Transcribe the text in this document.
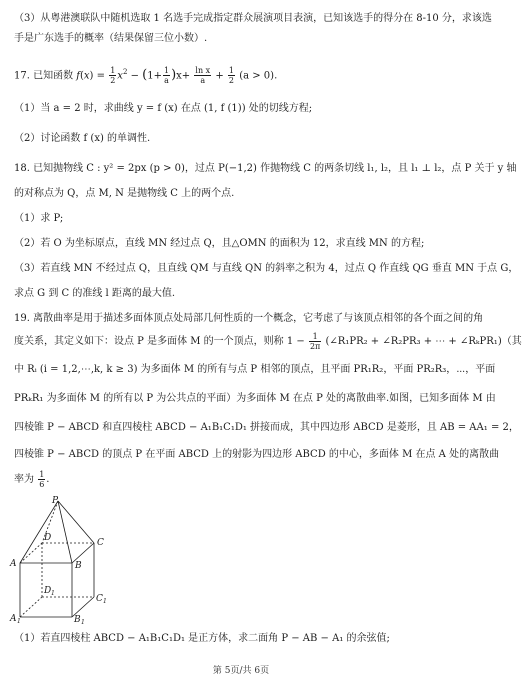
（3）从粤港澳联队中随机选取 1 名选手完成指定群众展演项目表演，已知该选手的得分在 8-10 分，求该选
手是广东选手的概率（结果保留三位小数）.
17. 已知函数 $f(x) = \frac{1}{2} x^2 - (1+ \frac{1}{a} )x+ \frac{\text{ln x}}{a} + \frac{1}{2} (a > 0)$.
（1）当 a = 2 时，求曲线 y = f (x) 在点 (1, f (1)) 处的切线方程;
（2）讨论函数 f (x) 的单调性.
18. 已知抛物线 C : y² = 2px (p > 0)，过点 P(−1,2) 作抛物线 C 的两条切线 l₁, l₂，且 l₁ ⊥ l₂，点 P 关于 y 轴
的对称点为 Q，点 M, N 是抛物线 C 上的两个点.
（1）求 P;
（2）若 O 为坐标原点，直线 MN 经过点 Q，且△OMN 的面积为 12，求直线 MN 的方程;
（3）若直线 MN 不经过点 Q，且直线 QM 与直线 QN 的斜率之积为 4，过点 Q 作直线 QG 垂直 MN 于点 G，
求点 G 到 C 的准线 l 距离的最大值.
19. 离散曲率是用于描述多面体顶点处局部几何性质的一个概念，它考虑了与该顶点相邻的各个面之间的角
度关系，其定义如下：设点 P 是多面体 M 的一个顶点，则称 $1 - \frac{1}{2\pi}$ (∠R₁PR₂ + ∠R₂PR₃ + ⋯ + ∠RₖPR₁)（其
中 Rᵢ (i = 1,2,⋯,k, k ≥ 3) 为多面体 M 的所有与点 P 相邻的顶点，且平面 PR₁R₂，平面 PR₂R₃，⋯，平面
PRₖR₁ 为多面体 M 的所有以 P 为公共点的平面）为多面体 M 在点 P 处的离散曲率.如图，已知多面体 M 由
四棱锥 P − ABCD 和直四棱柱 ABCD − A₁B₁C₁D₁ 拼接而成，其中四边形 ABCD 是菱形，且 AB = AA₁ = 2，
四棱锥 P − ABCD 的顶点 P 在平面 ABCD 上的射影为四边形 ABCD 的中心，多面体 M 在点 A 处的离散曲
率为 $\frac{1}{6}$ .
P
A	B
C
D
A 1	B 1
C 1
D 1
（1）若直四棱柱 ABCD − A₁B₁C₁D₁ 是正方体，求二面角 P − AB − A₁ 的余弦值;
第 5页/共 6页
